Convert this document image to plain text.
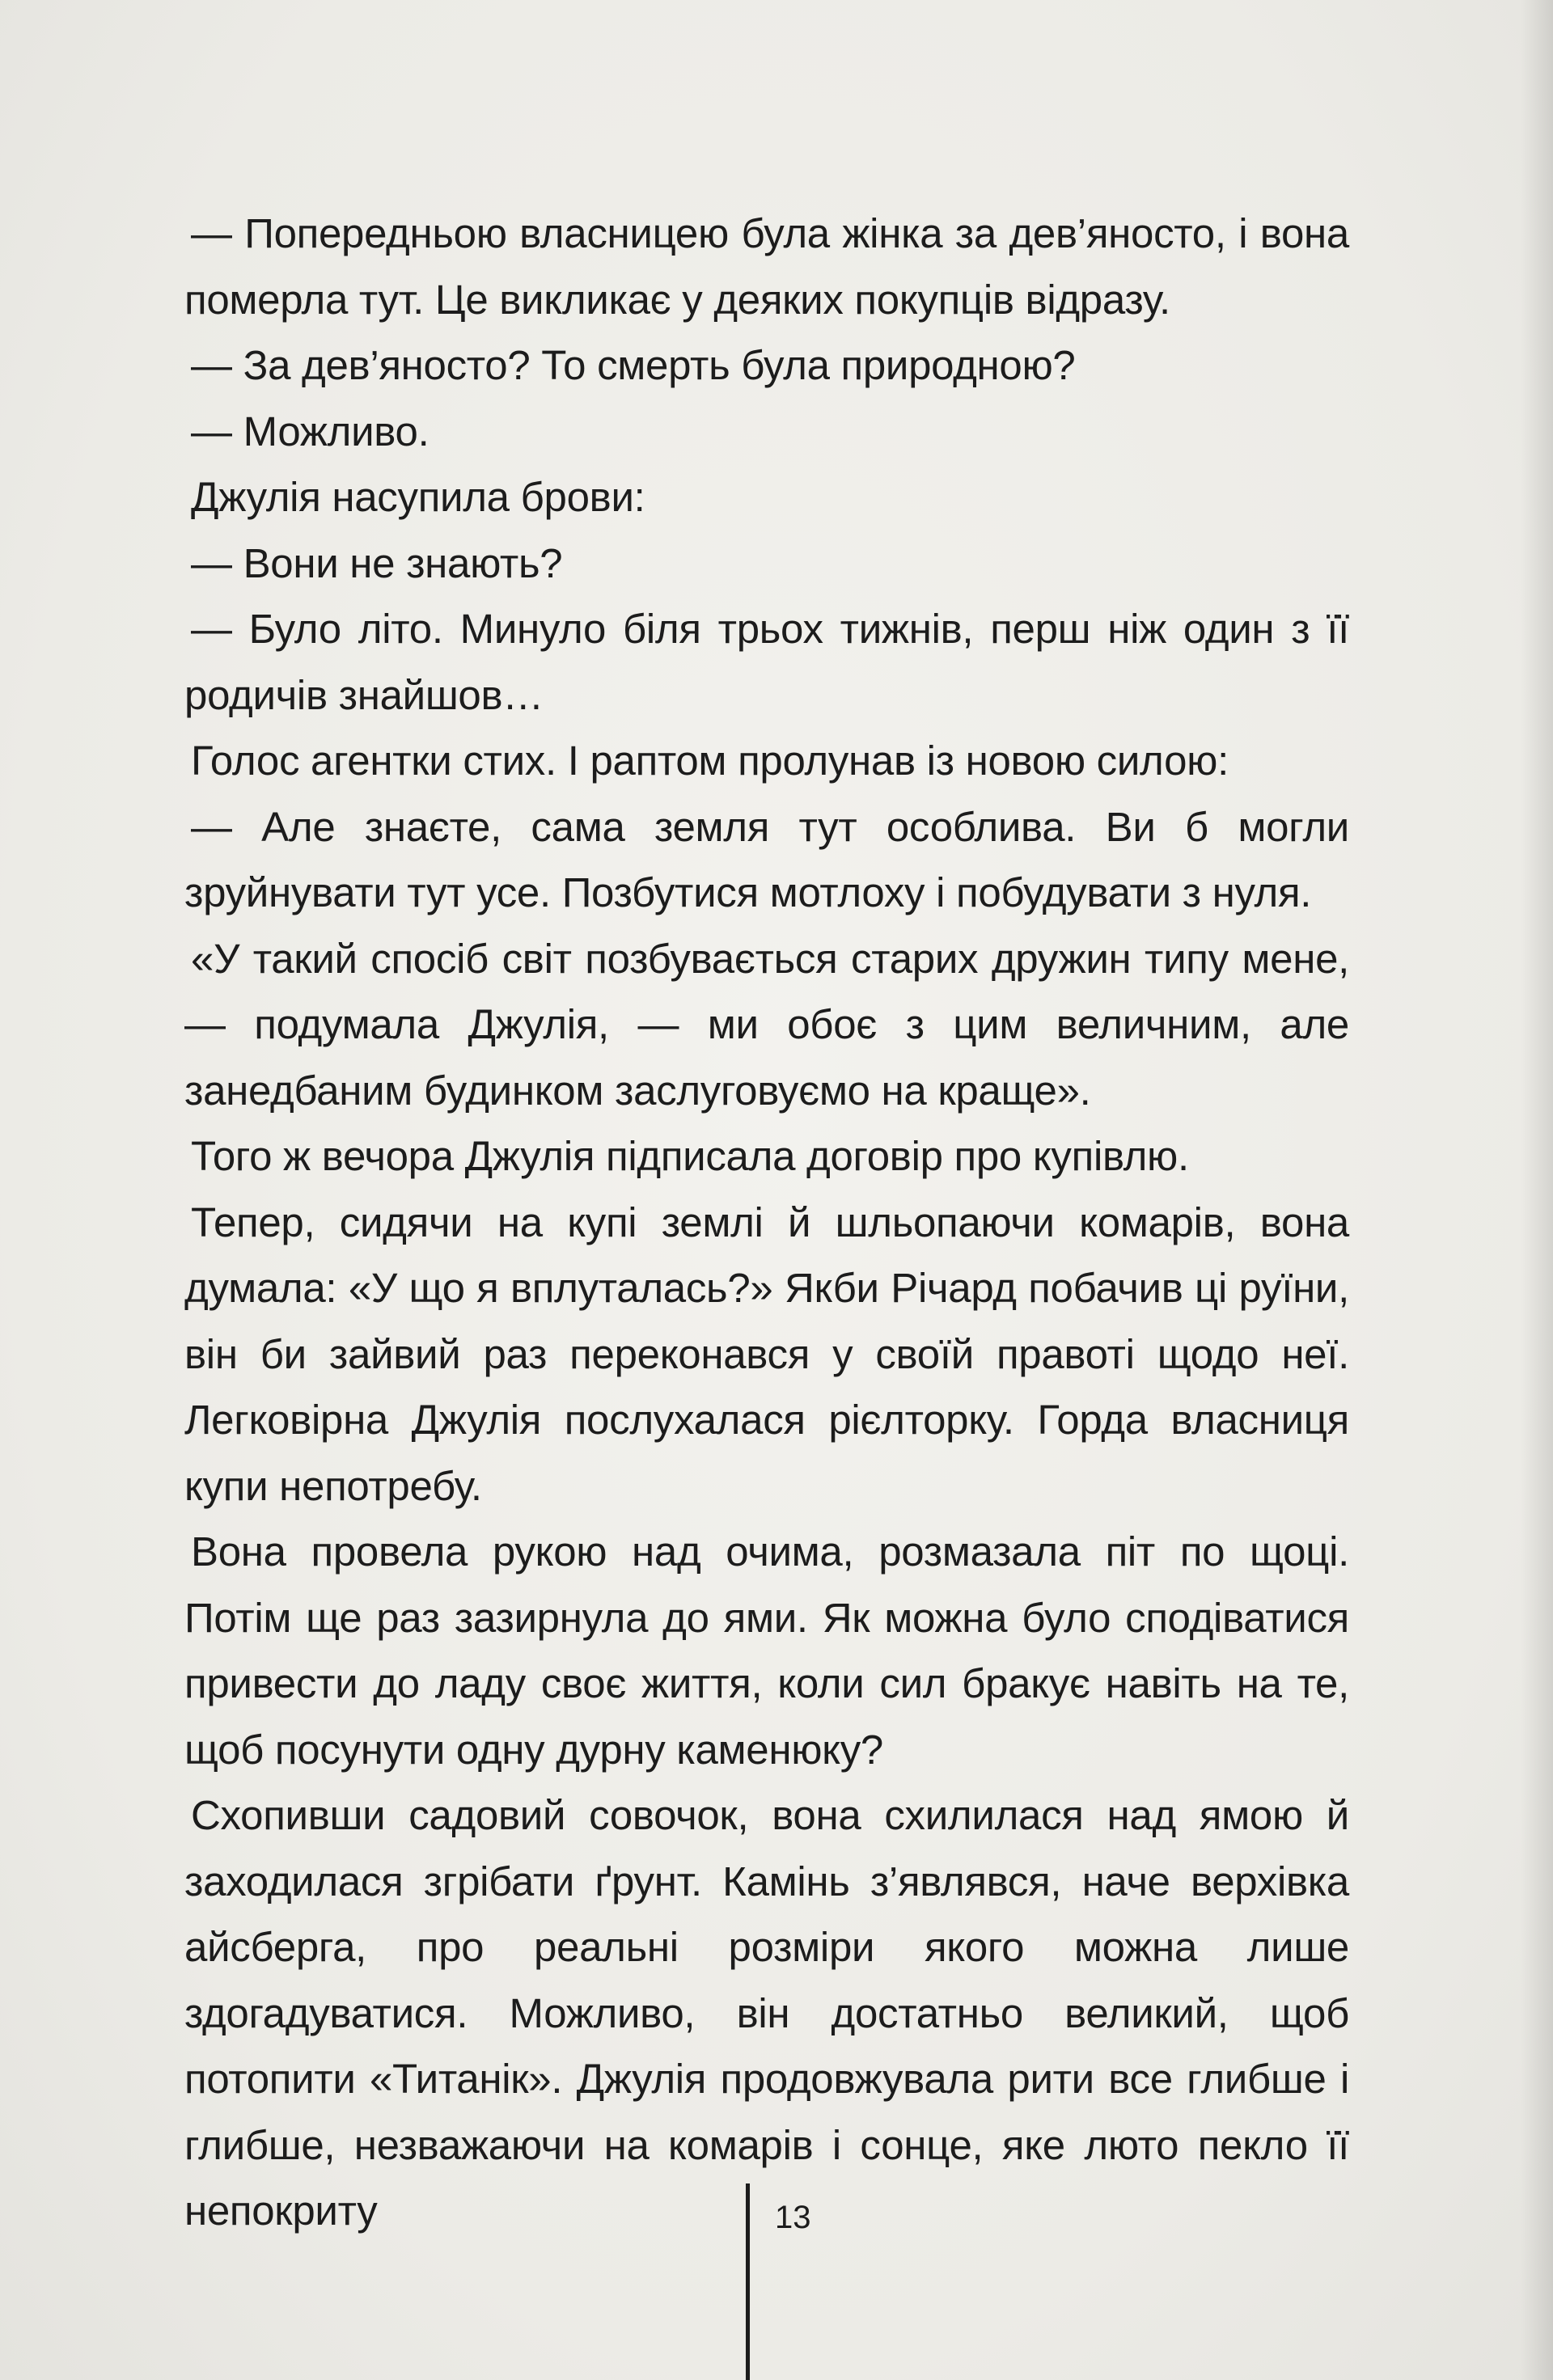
— Попередньою власницею була жінка за дев’яносто, і вона померла тут. Це викликає у деяких покупців відразу.

— За дев’яносто? То смерть була природною?

— Можливо.

Джулія насупила брови:

— Вони не знають?

— Було літо. Минуло біля трьох тижнів, перш ніж один з її родичів знайшов…

Голос агентки стих. І раптом пролунав із новою силою:

— Але знаєте, сама земля тут особлива. Ви б могли зруйнувати тут усе. Позбутися мотлоху і побудувати з нуля.

«У такий спосіб світ позбувається старих дружин типу мене, — подумала Джулія, — ми обоє з цим величним, але занедбаним будинком заслуговуємо на краще».

Того ж вечора Джулія підписала договір про купівлю.

Тепер, сидячи на купі землі й шльопаючи комарів, вона думала: «У що я вплуталась?» Якби Річард побачив ці руїни, він би зайвий раз переконався у своїй правоті щодо неї. Легковірна Джулія послухалася рієлторку. Горда власниця купи непотребу.

Вона провела рукою над очима, розмазала піт по щоці. Потім ще раз зазирнула до ями. Як можна було сподіватися привести до ладу своє життя, коли сил бракує навіть на те, щоб посунути одну дурну каменюку?

Схопивши садовий совочок, вона схилилася над ямою й заходилася згрібати ґрунт. Камінь з’являвся, наче верхівка айсберга, про реальні розміри якого можна лише здогадуватися. Можливо, він достатньо великий, щоб потопити «Титанік». Джулія продовжувала рити все глибше і глибше, незважаючи на комарів і сонце, яке люто пекло її непокриту	13
